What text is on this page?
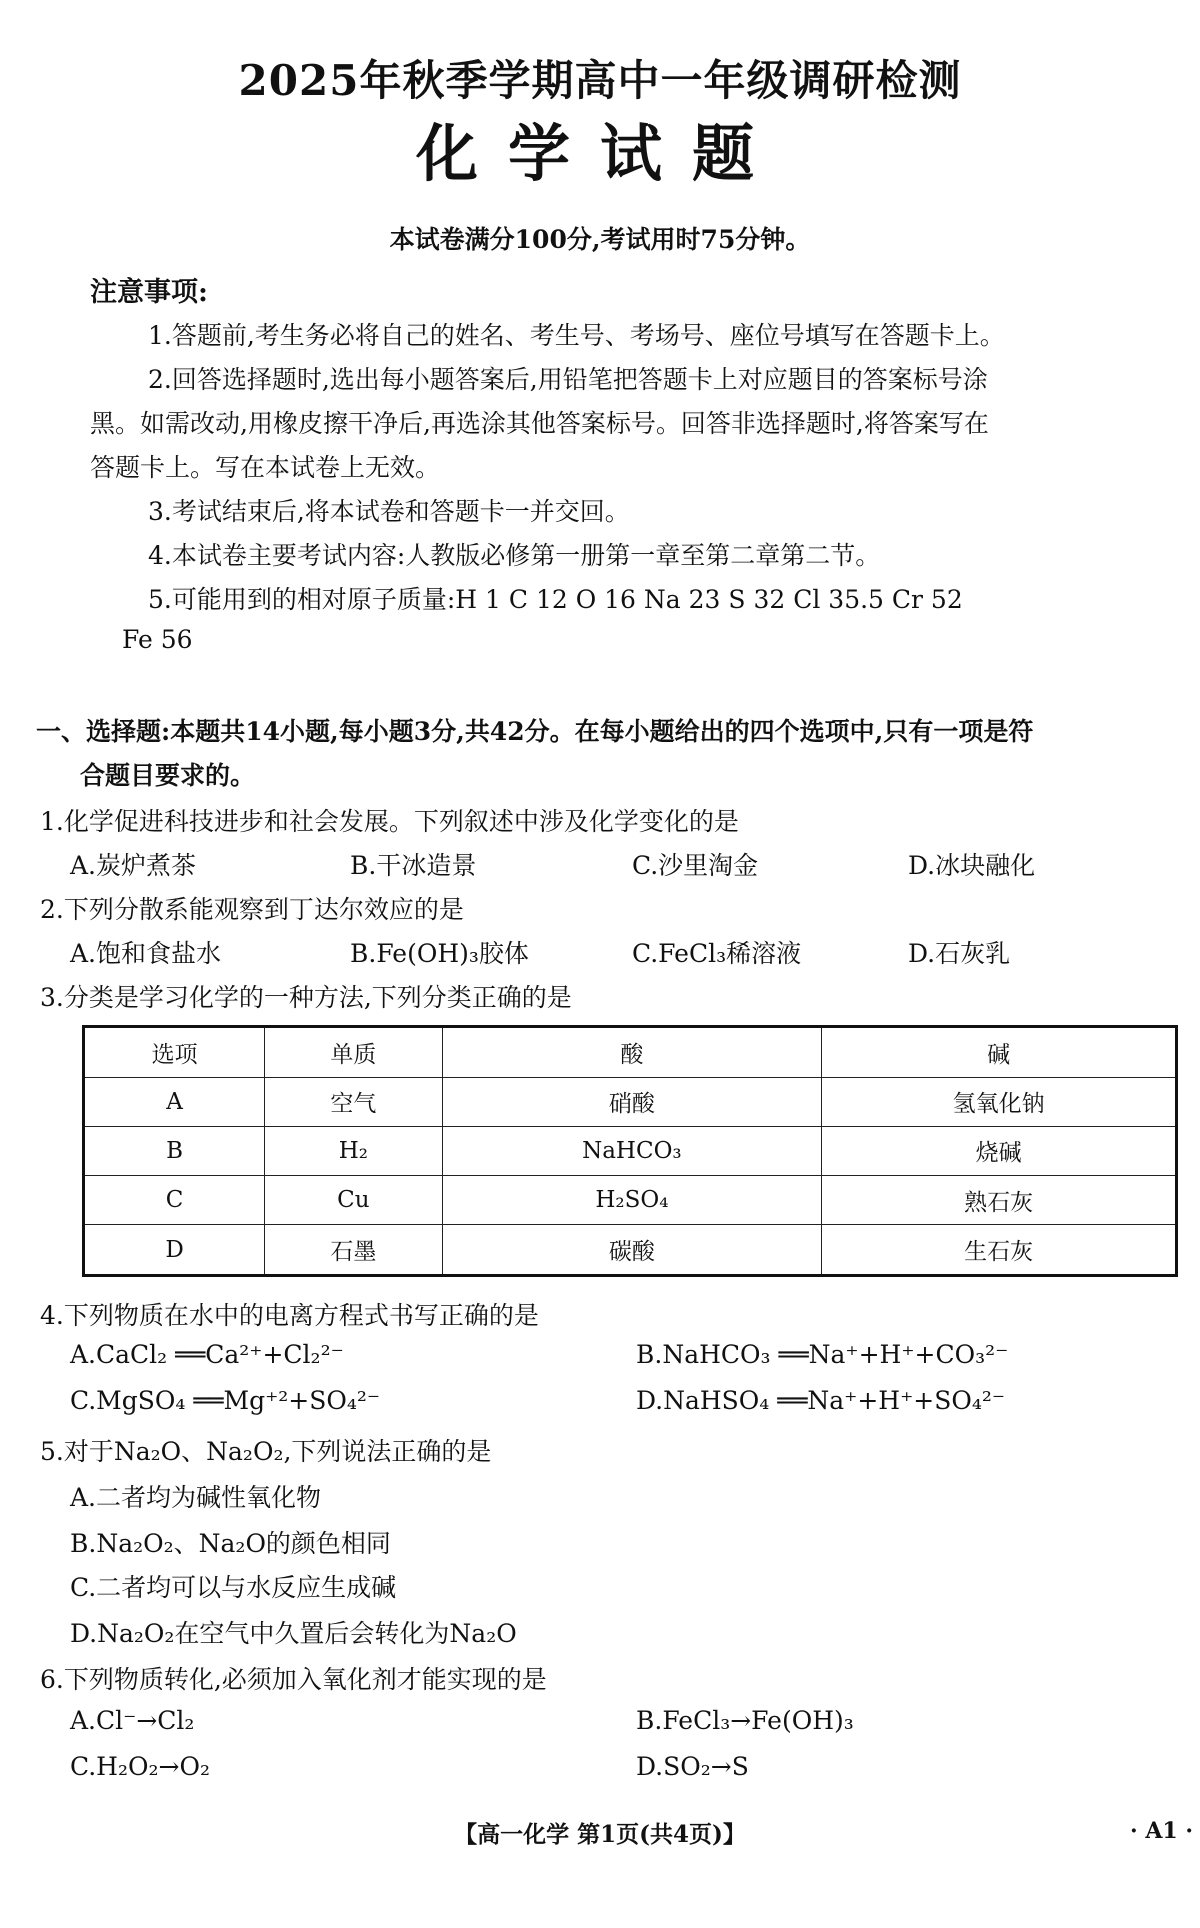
2025年秋季学期高中一年级调研检测
化学试题
本试卷满分100分,考试用时75分钟。
注意事项:
1.答题前,考生务必将自己的姓名、考生号、考场号、座位号填写在答题卡上。
2.回答选择题时,选出每小题答案后,用铅笔把答题卡上对应题目的答案标号涂
黑。如需改动,用橡皮擦干净后,再选涂其他答案标号。回答非选择题时,将答案写在
答题卡上。写在本试卷上无效。
3.考试结束后,将本试卷和答题卡一并交回。
4.本试卷主要考试内容:人教版必修第一册第一章至第二章第二节。
5.可能用到的相对原子质量:H 1 C 12 O 16 Na 23 S 32 Cl 35.5 Cr 52
Fe 56
一、选择题:本题共14小题,每小题3分,共42分。在每小题给出的四个选项中,只有一项是符
合题目要求的。
1.化学促进科技进步和社会发展。下列叙述中涉及化学变化的是
A.炭炉煮茶	B.干冰造景	C.沙里淘金	D.冰块融化
2.下列分散系能观察到丁达尔效应的是
A.饱和食盐水	B.Fe(OH)₃胶体	C.FeCl₃稀溶液	D.石灰乳
3.分类是学习化学的一种方法,下列分类正确的是
选项	单质	酸	碱
A	空气	硝酸	氢氧化钠
B	H₂	NaHCO₃	烧碱
C	Cu	H₂SO₄	熟石灰
D	石墨	碳酸	生石灰
4.下列物质在水中的电离方程式书写正确的是
A.CaCl₂ ══Ca²⁺+Cl₂²⁻	B.NaHCO₃ ══Na⁺+H⁺+CO₃²⁻
C.MgSO₄ ══Mg⁺²+SO₄²⁻	D.NaHSO₄ ══Na⁺+H⁺+SO₄²⁻
5.对于Na₂O、Na₂O₂,下列说法正确的是
A.二者均为碱性氧化物
B.Na₂O₂、Na₂O的颜色相同
C.二者均可以与水反应生成碱
D.Na₂O₂在空气中久置后会转化为Na₂O
6.下列物质转化,必须加入氧化剂才能实现的是
A.Cl⁻→Cl₂	B.FeCl₃→Fe(OH)₃
C.H₂O₂→O₂	D.SO₂→S
【高一化学 第1页(共4页)】	· A1 ·
